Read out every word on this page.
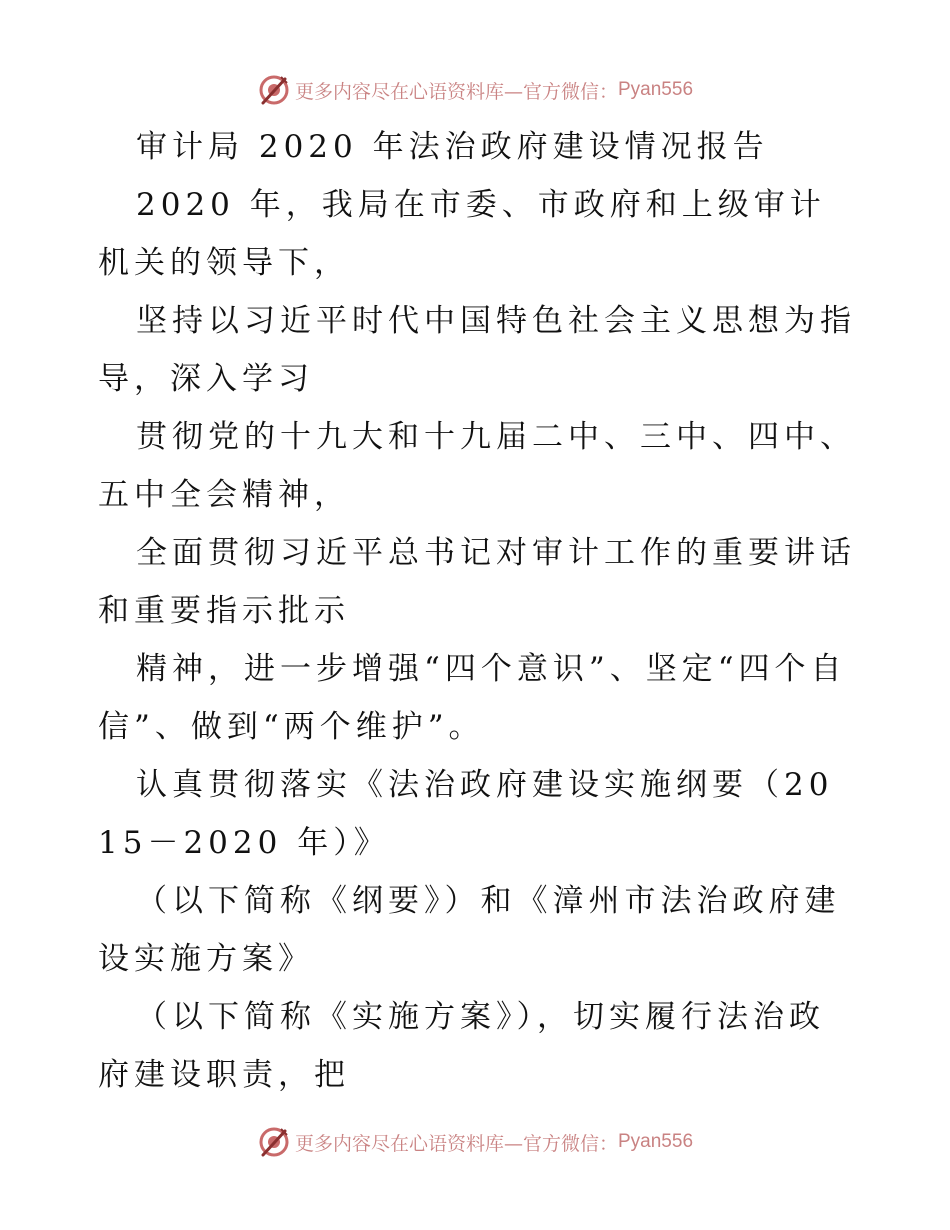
更多内容尽在心语资料库—官方微信： Pyan556

审计局 2020 年法治政府建设情况报告

2020 年，我局在市委、市政府和上级审计机关的领导下，

坚持以习近平时代中国特色社会主义思想为指导，深入学习

贯彻党的十九大和十九届二中、三中、四中、五中全会精神，

全面贯彻习近平总书记对审计工作的重要讲话和重要指示批示

精神，进一步增强“四个意识”、坚定“四个自信”、做到“两个维护”。

认真贯彻落实《法治政府建设实施纲要（2015－2020 年）》

（以下简称《纲要》）和《漳州市法治政府建设实施方案》

（以下简称《实施方案》），切实履行法治政府建设职责，把

更多内容尽在心语资料库—官方微信： Pyan556
